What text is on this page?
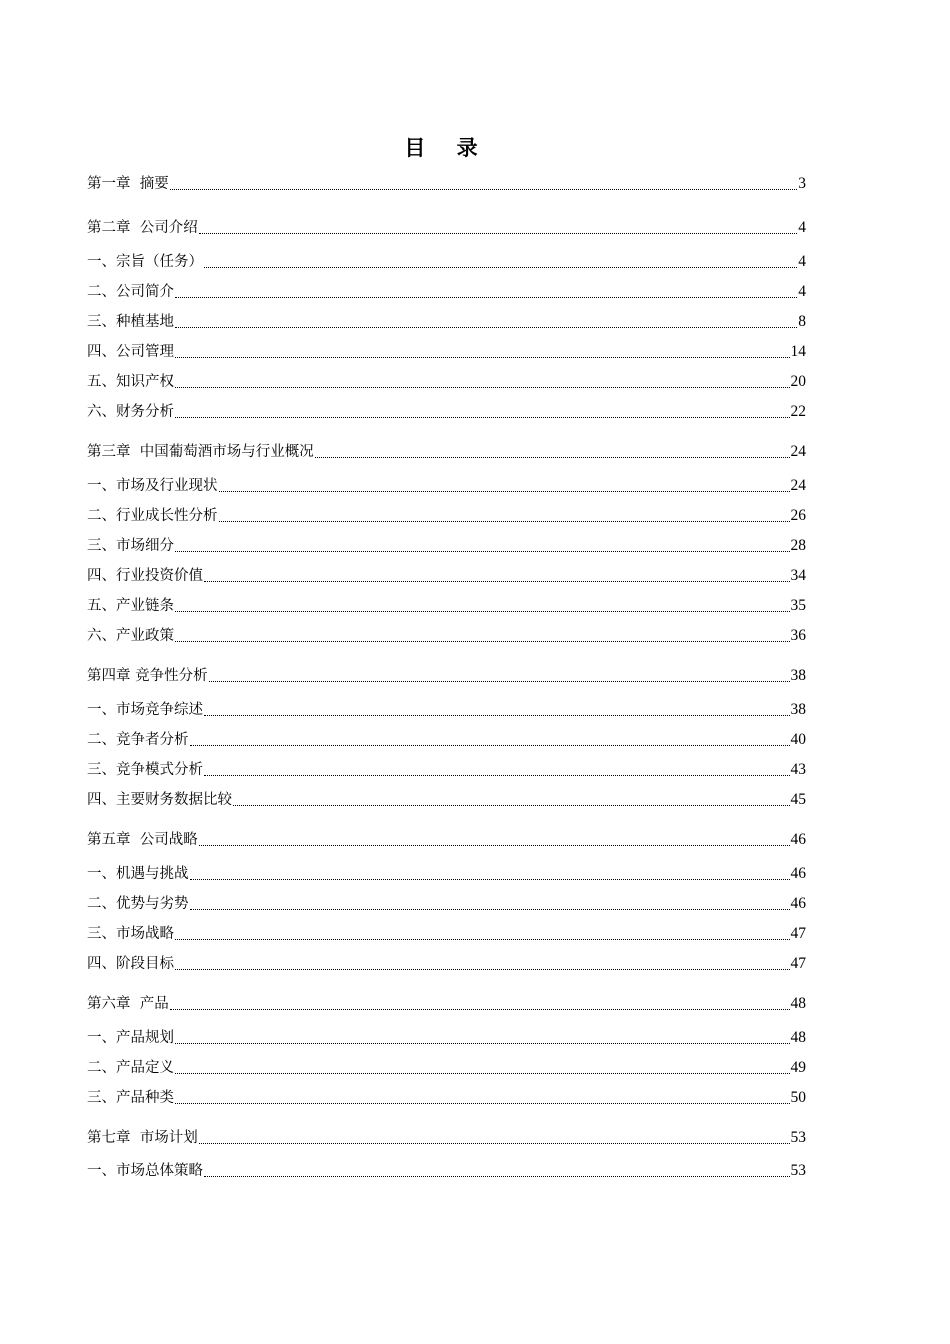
目 录
第一章  摘要	3
第二章  公司介绍	4
一、宗旨（任务）	4
二、公司简介	4
三、种植基地	8
四、公司管理	14
五、知识产权	20
六、财务分析	22
第三章  中国葡萄酒市场与行业概况	24
一、市场及行业现状	24
二、行业成长性分析	26
三、市场细分	28
四、行业投资价值	34
五、产业链条	35
六、产业政策	36
第四章 竞争性分析	38
一、市场竞争综述	38
二、竞争者分析	40
三、竞争模式分析	43
四、主要财务数据比较	45
第五章  公司战略	46
一、机遇与挑战	46
二、优势与劣势	46
三、市场战略	47
四、阶段目标	47
第六章  产品	48
一、产品规划	48
二、产品定义	49
三、产品种类	50
第七章  市场计划	53
一、市场总体策略	53
